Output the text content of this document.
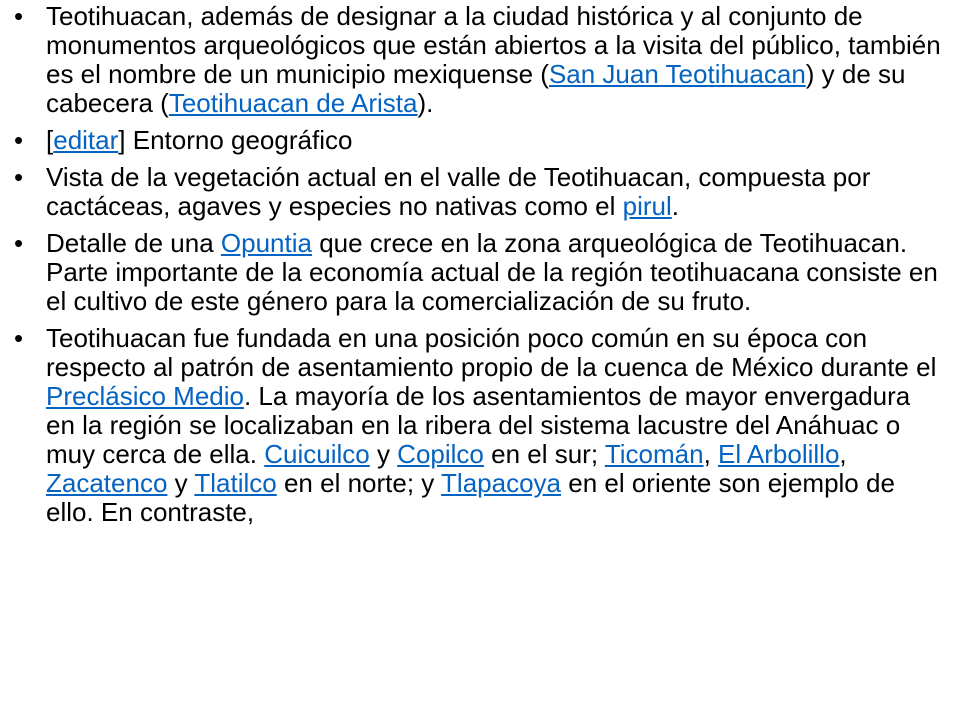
• Teotihuacan, además de designar a la ciudad histórica y al conjunto de monumentos arqueológicos que están abiertos a la visita del público, también es el nombre de un municipio mexiquense (San Juan Teotihuacan) y de su cabecera (Teotihuacan de Arista).
• [editar] Entorno geográfico
• Vista de la vegetación actual en el valle de Teotihuacan, compuesta por cactáceas, agaves y especies no nativas como el pirul.
• Detalle de una Opuntia que crece en la zona arqueológica de Teotihuacan. Parte importante de la economía actual de la región teotihuacana consiste en el cultivo de este género para la comercialización de su fruto.
• Teotihuacan fue fundada en una posición poco común en su época con respecto al patrón de asentamiento propio de la cuenca de México durante el Preclásico Medio. La mayoría de los asentamientos de mayor envergadura en la región se localizaban en la ribera del sistema lacustre del Anáhuac o muy cerca de ella. Cuicuilco y Copilco en el sur; Ticomán, El Arbolillo, Zacatenco y Tlatilco en el norte; y Tlapacoya en el oriente son ejemplo de ello. En contraste,
